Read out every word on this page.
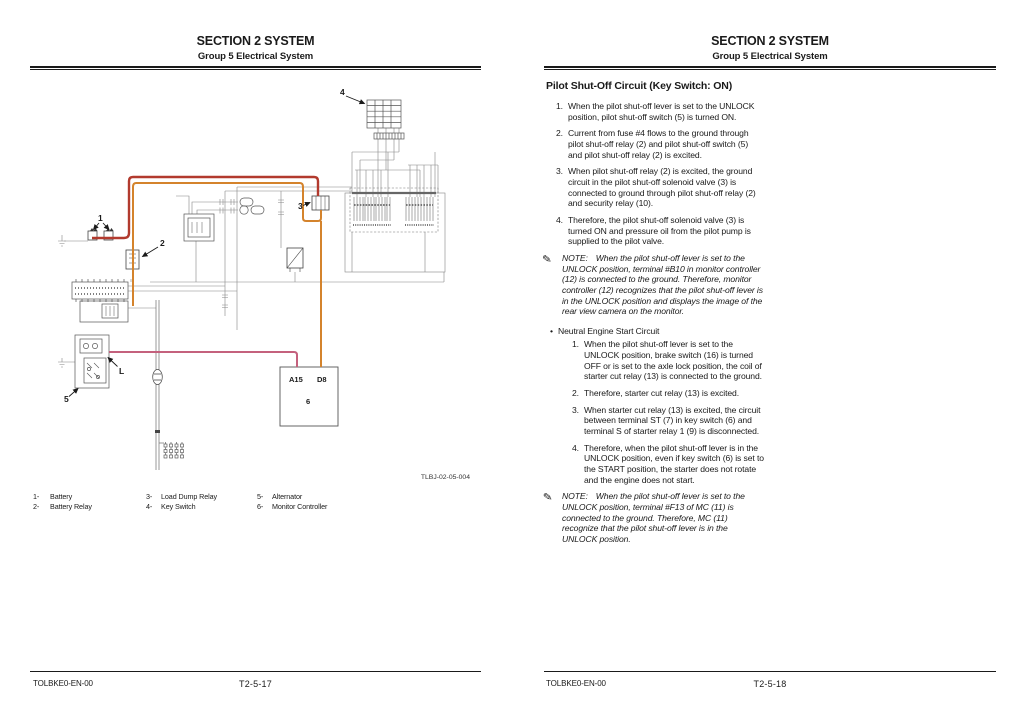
SECTION 2 SYSTEM
Group 5 Electrical System
TLBJ-02-05-004
1- Battery
2- Battery Relay
3- Load Dump Relay
4- Key Switch
5- Alternator
6- Monitor Controller
TOLBKE0-EN-00	T2-5-17
A15 D8
6
1
2
3
4
5
L
SECTION 2 SYSTEM
Group 5 Electrical System
Pilot Shut-Off Circuit (Key Switch: ON)
1. When the pilot shut-off lever is set to the UNLOCK position, pilot shut-off switch (5) is turned ON.
2. Current from fuse #4 flows to the ground through pilot shut-off relay (2) and pilot shut-off switch (5) and pilot shut-off relay (2) is excited.
3. When pilot shut-off relay (2) is excited, the ground circuit in the pilot shut-off solenoid valve (3) is connected to ground through pilot shut-off relay (2) and security relay (10).
4. Therefore, the pilot shut-off solenoid valve (3) is turned ON and pressure oil from the pilot pump is supplied to the pilot valve.
✎	NOTE: When the pilot shut-off lever is set to the UNLOCK position, terminal #B10 in monitor controller (12) is connected to the ground. Therefore, monitor controller (12) recognizes that the pilot shut-off lever is in the UNLOCK position and displays the image of the rear view camera on the monitor.
• Neutral Engine Start Circuit
1. When the pilot shut-off lever is set to the UNLOCK position, brake switch (16) is turned OFF or is set to the axle lock position, the coil of starter cut relay (13) is connected to the ground.
2. Therefore, starter cut relay (13) is excited.
3. When starter cut relay (13) is excited, the circuit between terminal ST (7) in key switch (6) and terminal S of starter relay 1 (9) is disconnected.
4. Therefore, when the pilot shut-off lever is in the UNLOCK position, even if key switch (6) is set to the START position, the starter does not rotate and the engine does not start.
✎	NOTE: When the pilot shut-off lever is set to the UNLOCK position, terminal #F13 of MC (11) is connected to the ground. Therefore, MC (11) recognize that the pilot shut-off lever is in the UNLOCK position.
TOLBKE0-EN-00	T2-5-18
